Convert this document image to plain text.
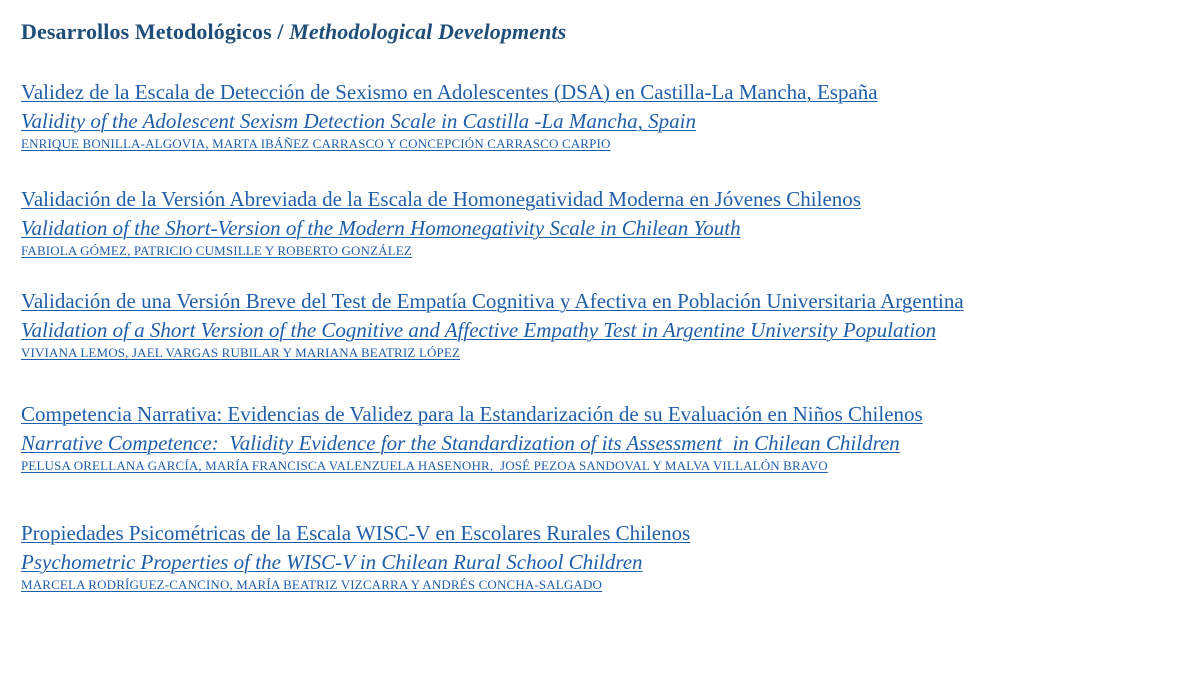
Desarrollos Metodológicos / Methodological Developments
Validez de la Escala de Detección de Sexismo en Adolescentes (DSA) en Castilla-La Mancha, España
Validity of the Adolescent Sexism Detection Scale in Castilla -La Mancha, Spain
ENRIQUE BONILLA-ALGOVIA, MARTA IBÁÑEZ CARRASCO Y CONCEPCIÓN CARRASCO CARPIO
Validación de la Versión Abreviada de la Escala de Homonegatividad Moderna en Jóvenes Chilenos
Validation of the Short-Version of the Modern Homonegativity Scale in Chilean Youth
FABIOLA GÓMEZ, PATRICIO CUMSILLE Y ROBERTO GONZÁLEZ
Validación de una Versión Breve del Test de Empatía Cognitiva y Afectiva en Población Universitaria Argentina
Validation of a Short Version of the Cognitive and Affective Empathy Test in Argentine University Population
VIVIANA LEMOS, JAEL VARGAS RUBILAR Y MARIANA BEATRIZ LÓPEZ
Competencia Narrativa: Evidencias de Validez para la Estandarización de su Evaluación en Niños Chilenos
Narrative Competence:  Validity Evidence for the Standardization of its Assessment  in Chilean Children
PELUSA ORELLANA GARCÍA, MARÍA FRANCISCA VALENZUELA HASENOHR,  JOSÉ PEZOA SANDOVAL Y MALVA VILLALÓN BRAVO
Propiedades Psicométricas de la Escala WISC-V en Escolares Rurales Chilenos
Psychometric Properties of the WISC-V in Chilean Rural School Children
MARCELA RODRÍGUEZ-CANCINO, MARÍA BEATRIZ VIZCARRA Y ANDRÉS CONCHA-SALGADO
